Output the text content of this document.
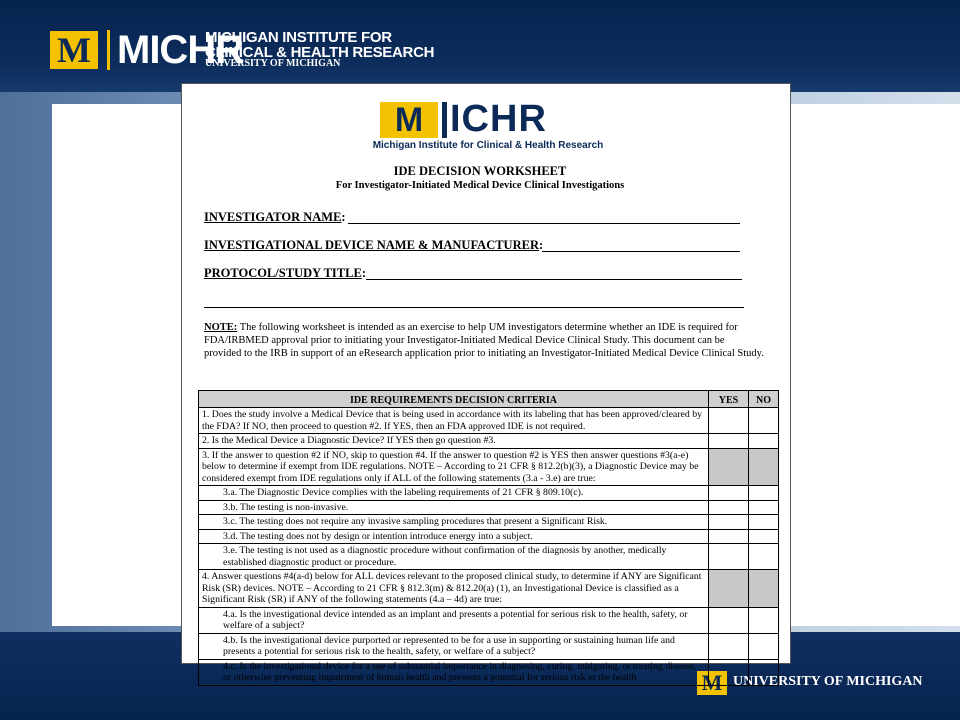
M MICHR
MICHIGAN INSTITUTE FOR
CLINICAL & HEALTH RESEARCH
UNIVERSITY OF MICHIGAN
M UNIVERSITY OF MICHIGAN
M ICHR
Michigan Institute for Clinical & Health Research
IDE DECISION WORKSHEET
For Investigator-Initiated Medical Device Clinical Investigations
INVESTIGATOR NAME:
INVESTIGATIONAL DEVICE NAME & MANUFACTURER:
PROTOCOL/STUDY TITLE:
NOTE: The following worksheet is intended as an exercise to help UM investigators determine whether an IDE is required for FDA/IRBMED approval prior to initiating your Investigator-Initiated Medical Device Clinical Study. This document can be provided to the IRB in support of an eResearch application prior to initiating an Investigator-Initiated Medical Device Clinical Study.
IDE REQUIREMENTS DECISION CRITERIA	YES	NO
1. Does the study involve a Medical Device that is being used in accordance with its labeling that has been approved/cleared by the FDA? If NO, then proceed to question #2. If YES, then an FDA approved IDE is not required.		
2. Is the Medical Device a Diagnostic Device? If YES then go question #3.		
3. If the answer to question #2 if NO, skip to question #4. If the answer to question #2 is YES then answer questions #3(a-e) below to determine if exempt from IDE regulations. NOTE – According to 21 CFR § 812.2(b)(3), a Diagnostic Device may be considered exempt from IDE regulations only if ALL of the following statements (3.a - 3.e) are true:		
3.a. The Diagnostic Device complies with the labeling requirements of 21 CFR § 809.10(c).		
3.b. The testing is non-invasive.		
3.c. The testing does not require any invasive sampling procedures that present a Significant Risk.		
3.d. The testing does not by design or intention introduce energy into a subject.		
3.e. The testing is not used as a diagnostic procedure without confirmation of the diagnosis by another, medically established diagnostic product or procedure.		
4. Answer questions #4(a-d) below for ALL devices relevant to the proposed clinical study, to determine if ANY are Significant Risk (SR) devices. NOTE – According to 21 CFR § 812.3(m) & 812.20(a) (1), an Investigational Device is classified as a Significant Risk (SR) if ANY of the following statements (4.a – 4d) are true:		
4.a. Is the investigational device intended as an implant and presents a potential for serious risk to the health, safety, or welfare of a subject?		
4.b. Is the investigational device purported or represented to be for a use in supporting or sustaining human life and presents a potential for serious risk to the health, safety, or welfare of a subject?		
4.c. Is the investigational device for a use of substantial importance in diagnosing, curing, mitigating, or treating disease, or otherwise preventing impairment of human health and presents a potential for serious risk to the health		
